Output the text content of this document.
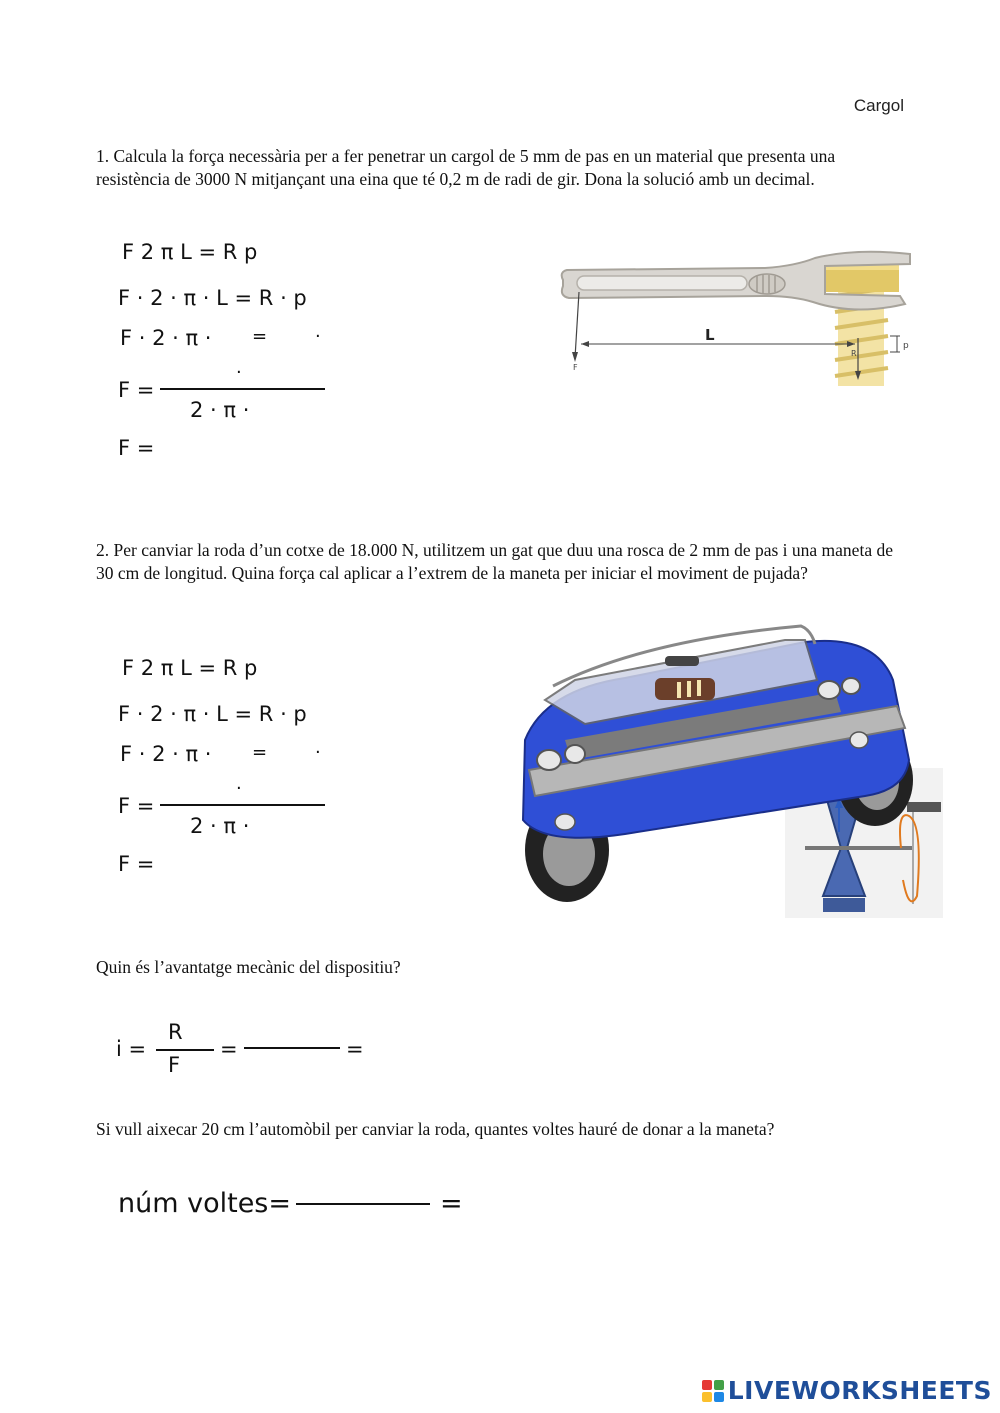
Cargol
1. Calcula la força necessària per a fer penetrar un cargol de 5 mm de pas en un material que presenta una resistència de 3000 N mitjançant una eina que té 0,2 m de radi de gir. Dona la solució amb un decimal.
F 2 π L = R p
F · 2 · π · L = R · p
F · 2 · π · =	·
F =
·
2 · π ·
F =
L
F
R
p
2. Per canviar la roda d’un cotxe de 18.000 N, utilitzem un gat que duu una rosca de 2 mm de pas i una maneta de 30 cm de longitud. Quina força cal aplicar a l’extrem de la maneta per iniciar el moviment de pujada?
F 2 π L = R p
F · 2 · π · L = R · p
F · 2 · π · =	·
F =
·
2 · π ·
F =
Quin és l’avantatge mecànic del dispositiu?
i =
R
F
=	=
Si vull aixecar 20 cm l’automòbil per canviar la roda, quantes voltes hauré de donar a la maneta?
núm voltes=	=
LIVEWORKSHEETS
